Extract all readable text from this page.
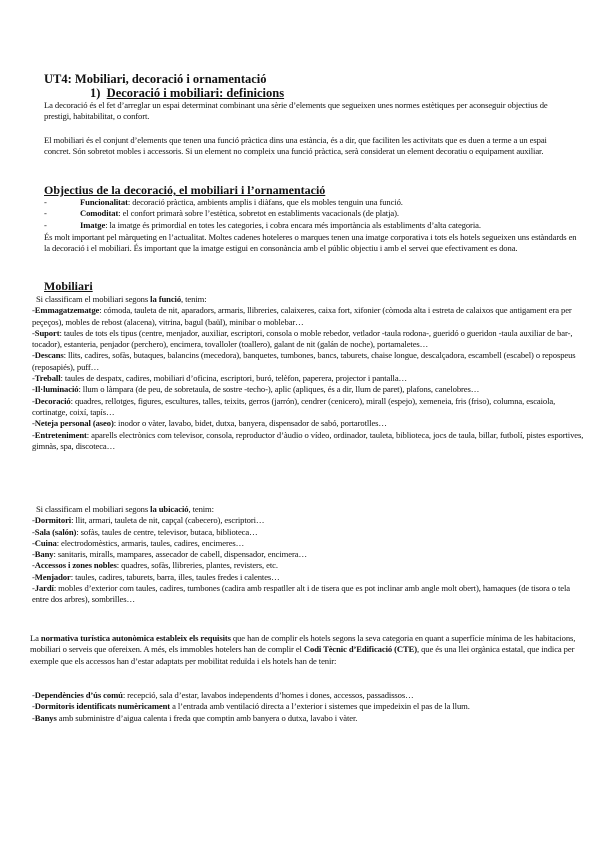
UT4: Mobiliari, decoració i ornamentació
1) Decoració i mobiliari: definicions
La decoració és el fet d’arreglar un espai determinat combinant una sèrie d’elements que segueixen unes normes estètiques per aconseguir objectius de prestigi, habitabilitat, o confort.
El mobiliari és el conjunt d’elements que tenen una funció pràctica dins una estància, és a dir, que faciliten les activitats que es duen a terme a un espai concret. Són sobretot mobles i accessoris. Si un element no compleix una funció pràctica, serà considerat un element decoratiu o equipament auxiliar.
Objectius de la decoració, el mobiliari i l’ornamentació
-	Funcionalitat: decoració pràctica, ambients amplis i diàfans, que els mobles tenguin una funció.
-	Comoditat: el confort primarà sobre l’estètica, sobretot en establiments vacacionals (de platja).
-	Imatge: la imatge és primordial en totes les categories, i cobra encara més importància als establiments d’alta categoria.
És molt important pel màrqueting en l’actualitat. Moltes cadenes hoteleres o marques tenen una imatge corporativa i tots els hotels segueixen uns estàndards en la decoració i el mobiliari. És important que la imatge estigui en consonància amb el públic objectiu i amb el servei que efectivament es dona.
Mobiliari
Si classificam el mobiliari segons la funció, tenim:
-Emmagatzematge: cómoda, tauleta de nit, aparadors, armaris, llibreries, calaixeres, caixa fort, xifonier (còmoda alta i estreta de calaixos que antigament era per peçeços), mobles de rebost (alacena), vitrina, bagul (baül), minibar o moblebar…
-Suport: taules de tots els tipus (centre, menjador, auxiliar, escriptori, consola o moble rebedor, vetlador -taula rodona-, gueridó o gueridon -taula auxiliar de bar-, tocador), estanteria, penjador (perchero), encimera, tovalloler (toallero), galant de nit (galán de noche), portamaletes…
-Descans: llits, cadires, sofàs, butaques, balancins (mecedora), banquetes, tumbones, bancs, taburets, chaise longue, descalçadora, escambell (escabel) o repospeus (reposapiés), puff…
-Treball: taules de despatx, cadires, mobiliari d’oficina, escriptori, buró, telèfon, paperera, projector i pantalla…
-Il·luminació: llum o làmpara (de peu, de sobretaula, de sostre -techo-), aplic (apliques, és a dir, llum de paret), plafons, canelobres…
-Decoració: quadres, rellotges, figures, escultures, talles, teixits, gerros (jarrón), cendrer (cenicero), mirall (espejo), xemeneia, fris (friso), columna, escaiola, cortinatge, coixí, tapís…
-Neteja personal (aseo): inodor o vàter, lavabo, bidet, dutxa, banyera, dispensador de sabó, portarotlles…
-Entreteniment: aparells electrònics com televisor, consola, reproductor d’àudio o vídeo, ordinador, tauleta, biblioteca, jocs de taula, billar, futbolí, pistes esportives, gimnàs, spa, discoteca…
Si classificam el mobiliari segons la ubicació, tenim:
-Dormitori: llit, armari, tauleta de nit, capçal (cabecero), escriptori…
-Sala (salón): sofàs, taules de centre, televisor, butaca, biblioteca…
-Cuina: electrodomèstics, armaris, taules, cadires, encimeres…
-Bany: sanitaris, miralls, mampares, assecador de cabell, dispensador, encimera…
-Accessos i zones nobles: quadres, sofàs, llibreries, plantes, revisters, etc.
-Menjador: taules, cadires, taburets, barra, illes, taules fredes i calentes…
-Jardí: mobles d’exterior com taules, cadires, tumbones (cadira amb respatller alt i de tisera que es pot inclinar amb angle molt obert), hamaques (de tisora o tela entre dos arbres), sombrilles…
La normativa turística autonòmica estableix els requisits que han de complir els hotels segons la seva categoria en quant a superfície mínima de les habitacions, mobiliari o serveis que ofereixen. A més, els immobles hotelers han de complir el Codi Tècnic d’Edificació (CTE), que és una llei orgànica estatal, que indica per exemple que els accessos han d’estar adaptats per mobilitat reduïda i els hotels han de tenir:
-Dependències d’ús comú: recepció, sala d’estar, lavabos independents d’homes i dones, accessos, passadissos…
-Dormitoris identificats numèricament a l’entrada amb ventilació directa a l’exterior i sistemes que impedeixin el pas de la llum.
-Banys amb subministre d’aigua calenta i freda que comptin amb banyera o dutxa, lavabo i vàter.
